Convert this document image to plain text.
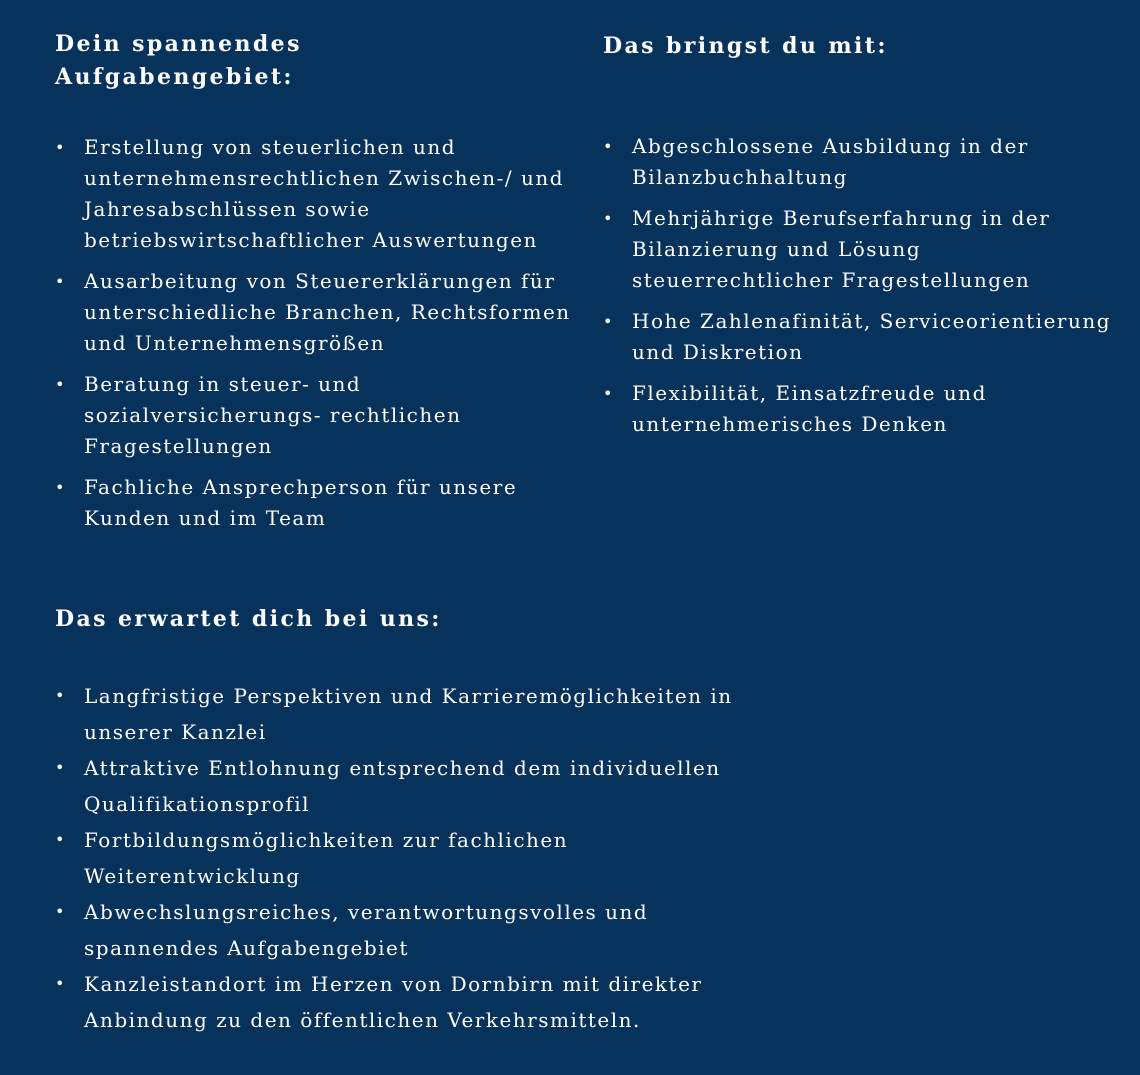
Dein spannendes
Aufgabengebiet:
• Erstellung von steuerlichen und unternehmensrechtlichen Zwischen-/ und Jahresabschlüssen sowie betriebswirtschaftlicher Auswertungen
• Ausarbeitung von Steuererklärungen für unterschiedliche Branchen, Rechtsformen und Unternehmensgrößen
• Beratung in steuer- und sozialversicherungs- rechtlichen Fragestellungen
• Fachliche Ansprechperson für unsere Kunden und im Team
Das bringst du mit:
• Abgeschlossene Ausbildung in der Bilanzbuchhaltung
• Mehrjährige Berufserfahrung in der Bilanzierung und Lösung steuerrechtlicher Fragestellungen
• Hohe Zahlenafinität, Serviceorientierung und Diskretion
• Flexibilität, Einsatzfreude und unternehmerisches Denken
Das erwartet dich bei uns:
• Langfristige Perspektiven und Karrieremöglichkeiten in unserer Kanzlei
• Attraktive Entlohnung entsprechend dem individuellen Qualifikationsprofil
• Fortbildungsmöglichkeiten zur fachlichen Weiterentwicklung
• Abwechslungsreiches, verantwortungsvolles und spannendes Aufgabengebiet
• Kanzleistandort im Herzen von Dornbirn mit direkter Anbindung zu den öffentlichen Verkehrsmitteln.
